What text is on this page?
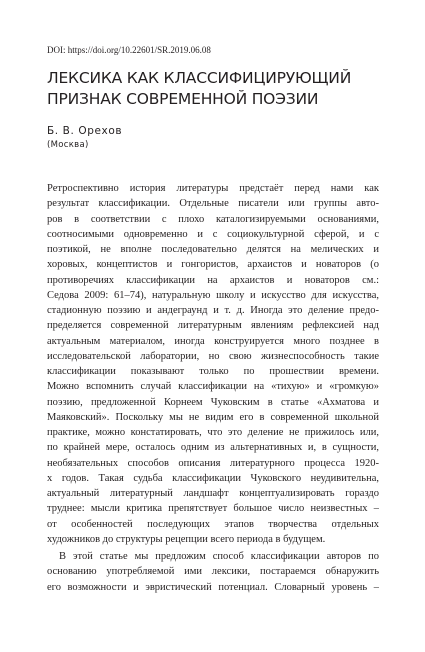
DOI: https://doi.org/10.22601/SR.2019.06.08
ЛЕКСИКА КАК КЛАССИФИЦИРУЮЩИЙ
ПРИЗНАК СОВРЕМЕННОЙ ПОЭЗИИ
Б. В. Орехов
(Москва)
Ретроспективно история литературы предстаёт перед нами как
результат классификации. Отдельные писатели или группы авто-
ров в соответствии с плохо каталогизируемыми основаниями,
соотносимыми одновременно и с социокультурной сферой, и с
поэтикой, не вполне последовательно делятся на мелических и
хоровых, концептистов и гонгористов, архаистов и новаторов (о
противоречиях классификации на архаистов и новаторов см.:
Седова 2009: 61–74), натуральную школу и искусство для искусства,
стадионную поэзию и андеграунд и т. д. Иногда это деление предо-
пределяется современной литературным явлениям рефлексией над
актуальным материалом, иногда конструируется много позднее в
исследовательской лаборатории, но свою жизнеспособность такие
классификации показывают только по прошествии времени.
Можно вспомнить случай классификации на «тихую» и «громкую»
поэзию, предложенной Корнеем Чуковским в статье «Ахматова и
Маяковский». Поскольку мы не видим его в современной школьной
практике, можно констатировать, что это деление не прижилось или,
по крайней мере, осталось одним из альтернативных и, в сущности,
необязательных способов описания литературного процесса 1920-
х годов. Такая судьба классификации Чуковского неудивительна,
актуальный литературный ландшафт концептуализировать гораздо
труднее: мысли критика препятствует большое число неизвестных –
от особенностей последующих этапов творчества отдельных
художников до структуры рецепции всего периода в будущем.
В этой статье мы предложим способ классификации авторов по
основанию употребляемой ими лексики, постараемся обнаружить
его возможности и эвристический потенциал. Словарный уровень –
